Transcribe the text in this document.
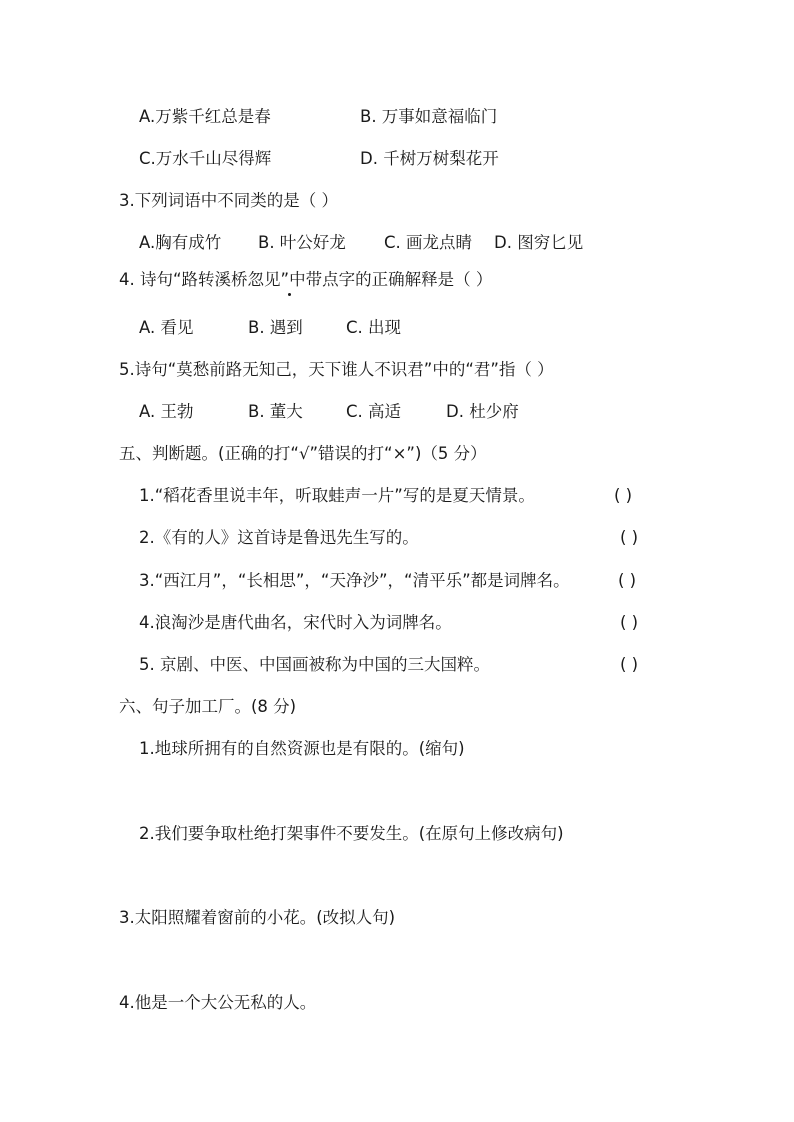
A.万紫千红总是春	B. 万事如意福临门
C.万水千山尽得辉	D. 千树万树梨花开
3.下列词语中不同类的是（ ）
A.胸有成竹 B. 叶公好龙 C. 画龙点睛 D. 图穷匕见
4. 诗句“路转溪桥忽见”中带点字的正确解释是（ ）
A. 看见	B. 遇到	C. 出现
5.诗句“莫愁前路无知己，天下谁人不识君”中的“君”指（ ）
A. 王勃	B. 董大	C. 高适	D. 杜少府
五、判断题。(正确的打“√”错误的打“×”)（5 分）
1.“稻花香里说丰年，听取蛙声一片”写的是夏天情景。	( )
2.《有的人》这首诗是鲁迅先生写的。	( )
3.“西江月”，“长相思”，“天净沙”，“清平乐”都是词牌名。	( )
4.浪淘沙是唐代曲名，宋代时入为词牌名。	( )
5. 京剧、中医、中国画被称为中国的三大国粹。	( )
六、句子加工厂。(8 分)
1.地球所拥有的自然资源也是有限的。(缩句)
2.我们要争取杜绝打架事件不要发生。(在原句上修改病句)
3.太阳照耀着窗前的小花。(改拟人句)
4.他是一个大公无私的人。
